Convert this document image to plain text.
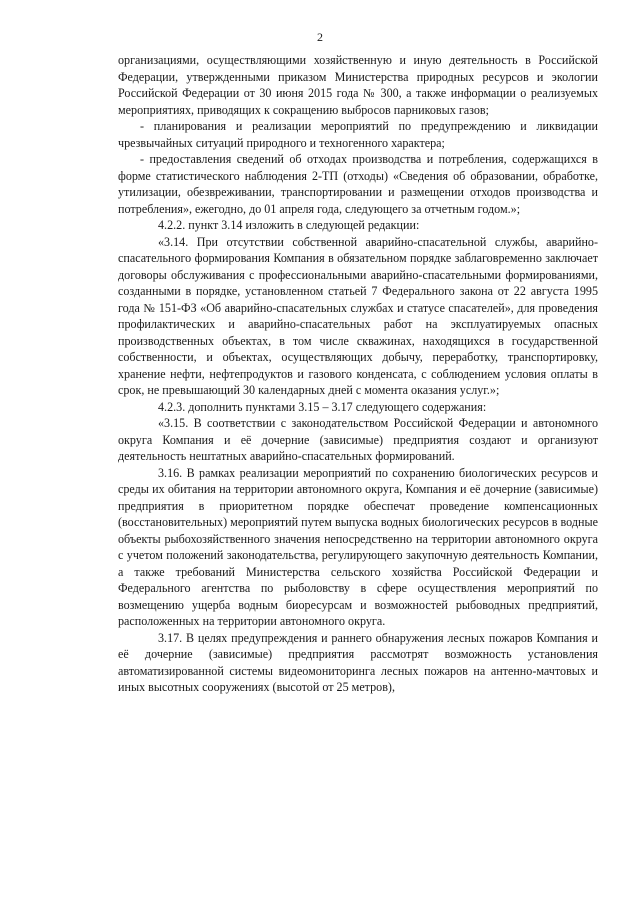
2

организациями, осуществляющими хозяйственную и иную деятельность в Российской Федерации, утвержденными приказом Министерства природных ресурсов и экологии Российской Федерации от 30 июня 2015 года № 300, а также информации о реализуемых мероприятиях, приводящих к сокращению выбросов парниковых газов;

- планирования и реализации мероприятий по предупреждению и ликвидации чрезвычайных ситуаций природного и техногенного характера;

- предоставления сведений об отходах производства и потребления, содержащихся в форме статистического наблюдения 2-ТП (отходы) «Сведения об образовании, обработке, утилизации, обезвреживании, транспортировании и размещении отходов производства и потребления», ежегодно, до 01 апреля года, следующего за отчетным годом.»;

4.2.2. пункт 3.14 изложить в следующей редакции:

«3.14. При отсутствии собственной аварийно-спасательной службы, аварийно-спасательного формирования Компания в обязательном порядке заблаговременно заключает договоры обслуживания с профессиональными аварийно-спасательными формированиями, созданными в порядке, установленном статьей 7 Федерального закона от 22 августа 1995 года № 151-ФЗ «Об аварийно-спасательных службах и статусе спасателей», для проведения профилактических и аварийно-спасательных работ на эксплуатируемых опасных производственных объектах, в том числе скважинах, находящихся в государственной собственности, и объектах, осуществляющих добычу, переработку, транспортировку, хранение нефти, нефтепродуктов и газового конденсата, с соблюдением условия оплаты в срок, не превышающий 30 календарных дней с момента оказания услуг.»;

4.2.3. дополнить пунктами 3.15 – 3.17 следующего содержания:

«3.15. В соответствии с законодательством Российской Федерации и автономного округа Компания и её дочерние (зависимые) предприятия создают и организуют деятельность нештатных аварийно-спасательных формирований.

3.16. В рамках реализации мероприятий по сохранению биологических ресурсов и среды их обитания на территории автономного округа, Компания и её дочерние (зависимые) предприятия в приоритетном порядке обеспечат проведение компенсационных (восстановительных) мероприятий путем выпуска водных биологических ресурсов в водные объекты рыбохозяйственного значения непосредственно на территории автономного округа с учетом положений законодательства, регулирующего закупочную деятельность Компании, а также требований Министерства сельского хозяйства Российской Федерации и Федерального агентства по рыболовству в сфере осуществления мероприятий по возмещению ущерба водным биоресурсам и возможностей рыбоводных предприятий, расположенных на территории автономного округа.

3.17. В целях предупреждения и раннего обнаружения лесных пожаров Компания и её дочерние (зависимые) предприятия рассмотрят возможность установления автоматизированной системы видеомониторинга лесных пожаров на антенно-мачтовых и иных высотных сооружениях (высотой от 25 метров),
